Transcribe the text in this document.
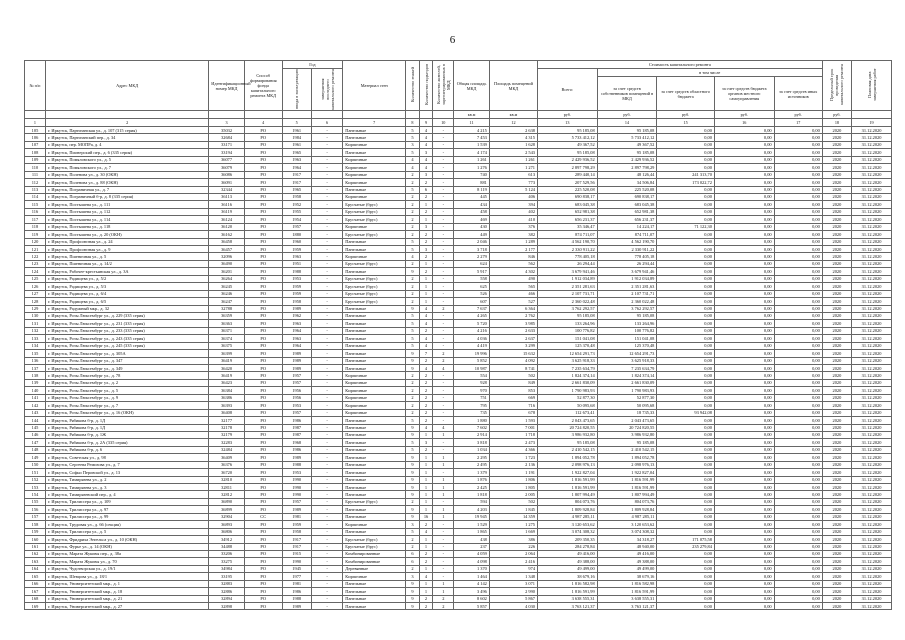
6
№ п/п	Адрес МКД	Идентификационный номер МКД	Способ формирования фонда капитального ремонта МКД	Год		Материал стен	Количество этажей	Количество подъездов	Количество жителей, зарегистрированных в МКД	Общая площадь МКД	Площадь помещений МКД	Стоимость капитального ремонта					Предельный срок проведения капитального ремонта	Плановая дата завершения работ
				ввода в эксплуатацию	завершения последнего капитального ремонта							Всего:	в том числе					
													за счет средств собственников помещений в МКД	за счет средств областного бюджета	за счет средств бюджета органов местного самоуправления	за счет средств иных источников		
										кв.м	кв.м	руб.	руб.	руб.	руб.	руб.	руб.	
1	2	3	4	5	6	7	8	9	10	11	12	13	14	15	16	17	18	19
105	г. Иркутск, Партизанская ул., д. 107 (315 серия)	35032	РО	1961	-	Панельные	5	4	-	4 215	2 638	95 185,08	95 185,08	0,00	0,00	0,00	2020	31.12.2020
106	г. Иркутск, Партизанский пер., д. 34	32684	РО	1984	-	Панельные	5	4	-	7 453	4 315	5 733 412,12	5 733 412,12	0,00	0,00	0,00	2020	31.12.2020
107	г. Иркутск, пер. МОПРа, д. 4	33171	РО	1961	-	Кирпичные	3	4	-	1 539	1 628	49 367,52	49 367,52	0,00	0,00	0,00	2020	31.12.2020
108	г. Иркутск, Пионерский пер., д. 6 (335 серия)	33194	РО	1965	-	Панельные	5	3	-	4 174	2 543	95 185,08	95 185,08	0,00	0,00	0,00	2020	31.12.2020
109	г. Иркутск, Помяловского ул., д. 5	36077	РО	1963	-	Кирпичные	4	4	-	1 261	1 261	2 429 936,52	2 429 936,52	0,00	0,00	0,00	2020	31.12.2020
110	г. Иркутск, Помяловского ул., д. 7	36079	РО	1964	-	Кирпичные	4	4	-	1 276	1 271	2 897 798,29	2 897 798,29	0,00	0,00	0,00	2020	31.12.2020
111	г. Иркутск, Поленова ул., д. 30 (ОКН)	36086	РО	1917	-	Кирпичные	2	3	-	740	613	289 440,14	48 126,44	241 313,70	0,00	0,00	2020	31.12.2020
112	г. Иркутск, Поленова ул., д. 88 (ОКН)	36091	РО	1917	-	Кирпичные	2	2	-	881	773	207 529,56	34 506,84	173 022,72	0,00	0,00	2020	31.12.2020
113	г. Иркутск, Пограничная ул., д. 7	32344	РО	1965	-	Панельные	5	6	-	8 119	5 124	225 520,08	225 520,08	0,00	0,00	0,00	2020	31.12.2020
114	г. Иркутск, Пограничный б-р, д. 8 (335 серия)	36113	РО	1958	-	Кирпичные	2	2	-	445	406	690 838,17	690 838,17	0,00	0,00	0,00	2020	31.12.2020
115	г. Иркутск, Постышева ул., д. 111	36116	РО	1952	-	Брусчатые (брус)	2	1	-	434	394	683 045,38	683 045,38	0,00	0,00	0,00	2020	31.12.2020
116	г. Иркутск, Постышева ул., д. 112	36119	РО	1955	-	Брусчатые (брус)	2	2	-	458	402	652 981,38	652 981,38	0,00	0,00	0,00	2020	31.12.2020
117	г. Иркутск, Постышева ул., д. 114	36124	РО	1954	-	Брусчатые (брус)	2	1	-	469	410	656 231,37	656 231,37	0,00	0,00	0,00	2020	31.12.2020
118	г. Иркутск, Постышева ул., д. 118	36120	РО	1957	-	Кирпичные	2	3	-	430	376	35 346,47	14 224,17	71 122,30	0,00	0,00	2020	31.12.2020
119	г. Иркутск, Постышева ул., д. 20 (ОКН)	36162	РО	1880	-	Брусчатые (брус)	2	2	-	449	382	874 711,07	874 711,07	0,00	0,00	0,00	2020	31.12.2020
120	г. Иркутск, Профсоюзная ул., д. 24	36458	РО	1960	-	Панельные	5	2	-	2 046	1 289	4 562 190,70	4 562 190,70	0,00	0,00	0,00	2020	31.12.2020
121	г. Иркутск, Профсоюзная ул., д. 9	36457	РО	1959	-	Панельные	5	3	-	3 718	2 177	2 330 911,22	2 330 911,22	0,00	0,00	0,00	2020	31.12.2020
122	г. Иркутск, Пшеничная ул., д. 5	32096	РО	1963	-	Кирпичные	4	2	-	2 279	846	778 405,18	778 405,18	0,00	0,00	0,00	2020	31.12.2020
123	г. Иркутск, Пшеничная ул., д. 14/2	36490	РО	1951	-	Брусчатые (брус)	2	1	-	624	562	26 294,44	26 294,44	0,00	0,00	0,00	2020	31.12.2020
124	г. Иркутск, Рабочее-крестьянская ул., д. 3А	36201	РО	1988	-	Панельные	9	2	-	5 917	4 302	3 679 941,46	3 679 941,46	0,00	0,00	0,00	2020	31.12.2020
125	г. Иркутск, Радищева ул., д. 5/2	36264	РО	1953	-	Брусчатые (брус)	2	1	-	558	490	1 912 034,89	1 912 034,89	0,00	0,00	0,00	2020	31.12.2020
126	г. Иркутск, Радищева ул., д. 5/3	36245	РО	1959	-	Брусчатые (брус)	2	1	-	625	565	2 351 281,63	2 351 281,63	0,00	0,00	0,00	2020	31.12.2020
127	г. Иркутск, Радищева ул., д. 6/4	36246	РО	1959	-	Брусчатые (брус)	2	1	-	526	466	2 107 731,71	2 107 731,71	0,00	0,00	0,00	2020	31.12.2020
128	г. Иркутск, Радищева ул., д. 6/5	36247	РО	1958	-	Брусчатые (брус)	2	1	-	607	527	2 360 022,48	2 360 022,48	0,00	0,00	0,00	2020	31.12.2020
129	г. Иркутск, Радужный мкр., д. 32	32788	РО	1989	-	Панельные	9	4	2	7 637	6 364	3 762 292,57	3 762 292,57	0,00	0,00	0,00	2020	31.12.2020
130	г. Иркутск, Розы Люксембург ул., д. 229 (335 серия)	36359	РО	1962	-	Панельные	5	4	-	4 265	2 762	95 185,08	95 185,08	0,00	0,00	0,00	2020	31.12.2020
131	г. Иркутск, Розы Люксембург ул., д. 231 (335 серия)	36363	РО	1963	-	Панельные	5	4	-	5 720	3 985	133 264,96	133 264,96	0,00	0,00	0,00	2020	31.12.2020
132	г. Иркутск, Розы Люксембург ул., д. 233 (335 серия)	36371	РО	1964	-	Панельные	5	2	-	4 216	2 633	100 776,82	100 776,82	0,00	0,00	0,00	2020	31.12.2020
133	г. Иркутск, Розы Люксембург ул., д. 243 (335 серия)	36374	РО	1963	-	Панельные	5	4	-	4 036	2 637	151 041,08	151 041,08	0,00	0,00	0,00	2020	31.12.2020
134	г. Иркутск, Розы Люксембург ул., д. 245 (335 серия)	36375	РО	1964	-	Панельные	5	4	-	4 419	3 299	125 370,48	125 370,48	0,00	0,00	0,00	2020	31.12.2020
135	г. Иркутск, Розы Люксембург ул., д. 305А	36399	РО	1989	-	Панельные	9	7	2	19 996	15 632	12 654 291,73	12 654 291,73	0,00	0,00	0,00	2020	31.12.2020
136	г. Иркутск, Розы Люксембург ул., д. 347	36419	РО	1989	-	Панельные	9	2	2	5 852	4 092	3 625 918,33	3 625 918,33	0,00	0,00	0,00	2020	31.12.2020
137	г. Иркутск, Розы Люксембург ул., д. 349	36420	РО	1989	-	Панельные	9	4	4	10 987	8 741	7 235 634,79	7 235 634,79	0,00	0,00	0,00	2020	31.12.2020
138	г. Иркутск, Розы Люксембург ул., д. 78	36419	РО	1957	-	Кирпичные	2	2	-	554	502	1 824 374,14	1 824 374,14	0,00	0,00	0,00	2020	31.12.2020
139	г. Иркутск, Розы Люксембург ул., д. 2	36423	РО	1957	-	Кирпичные	2	2	-	928	849	2 661 830,09	2 661 830,09	0,00	0,00	0,00	2020	31.12.2020
140	г. Иркутск, Розы Люксембург ул., д. 5	36384	РО	1956	-	Кирпичные	2	2	-	970	853	1 790 983,93	1 790 983,93	0,00	0,00	0,00	2020	31.12.2020
141	г. Иркутск, Розы Люксембург ул., д. 9	36386	РО	1956	-	Кирпичные	2	2	-	751	669	52 877,30	52 877,30	0,00	0,00	0,00	2020	31.12.2020
142	г. Иркутск, Розы Люксембург ул., д. 7	36393	РО	1953	-	Кирпичные	2	2	-	795	716	50 095,68	50 095,68	0,00	0,00	0,00	2020	31.12.2020
143	г. Иркутск, Розы Люксембург ул., д. 16 (ОКН)	36408	РО	1957	-	Кирпичные	2	2	-	735	678	112 673,41	18 735,33	93 942,08	0,00	0,00	2020	31.12.2020
144	г. Иркутск, Рябикова б-р, д. 1Д	32177	РО	1986	-	Панельные	5	2	-	1 880	1 593	2 043 473,65	2 043 473,65	0,00	0,00	0,00	2020	31.12.2020
145	г. Иркутск, Рябикова б-р, д. 1Д	32178	РО	1987	-	Панельные	9	4	4	7 602	7 001	20 724 820,55	20 724 820,55	0,00	0,00	0,00	2020	31.12.2020
146	г. Иркутск, Рябикова б-р, д. 1Ж	32179	РО	1987	-	Панельные	9	1	1	2 914	1 718	3 986 932,80	3 986 932,80	0,00	0,00	0,00	2020	31.12.2020
147	г. Иркутск, Рябикова б-р, д. 2А (335 серия)	32283	РО	1968	-	Панельные	5	3	-	3 818	2 473	95 185,08	95 185,08	0,00	0,00	0,00	2020	31.12.2020
148	г. Иркутск, Рябикова б-р, д. 6	32484	РО	1986	-	Панельные	5	2	-	1 034	4 366	2 410 542,15	2 410 542,15	0,00	0,00	0,00	2020	31.12.2020
149	г. Иркутск, Советская ул., д. 98	36409	РО	1989	-	Панельные	9	1	1	2 295	1 723	1 894 052,78	1 894 052,78	0,00	0,00	0,00	2020	31.12.2020
150	г. Иркутск, Сергеева Ремизова ул., д. 7	36376	РО	1988	-	Панельные	9	1	1	2 495	2 136	2 098 976,13	2 098 976,13	0,00	0,00	0,00	2020	31.12.2020
151	г. Иркутск, Софьи Перовской ул., д. 13	36720	РО	1953	-	Панельные	9	1	-	1 379	1 191	1 922 827,04	1 922 827,04	0,00	0,00	0,00	2020	31.12.2020
152	г. Иркутск, Тимирязева ул., д. 2	32810	РО	1990	-	Панельные	9	1	1	1 876	1 806	1 816 591,99	1 816 591,99	0,00	0,00	0,00	2020	31.12.2020
153	г. Иркутск, Тимирязева ул., д. 3	32811	РО	1990	-	Панельные	9	1	1	2 425	1 805	1 816 591,99	1 816 591,99	0,00	0,00	0,00	2020	31.12.2020
154	г. Иркутск, Тимирязевский пер., д. 4	32812	РО	1990	-	Панельные	9	1	1	1 818	2 005	1 807 994,49	1 807 994,49	0,00	0,00	0,00	2020	31.12.2020
155	г. Иркутск, Трилиссера ул., д. 109	36890	РО	1957	-	Брусчатые (брус)	2	1	-	594	502	804 073,76	804 073,76	0,00	0,00	0,00	2020	31.12.2020
156	г. Иркутск, Трилиссера ул., д. 97	36899	РО	1989	-	Панельные	9	1	1	4 203	1 845	1 809 928,84	1 809 928,84	0,00	0,00	0,00	2020	31.12.2020
157	г. Иркутск, Трилиссера ул., д. 99	32904	СС	1981	-	Панельные	9	16	1	19 945	14 359	4 987 285,11	4 987 285,11	0,00	0,00	0,00	2020	31.12.2020
158	г. Иркутск, Трудовая ул., д. 66 (секция)	36893	РО	1959	-	Кирпичные	3	2	-	1 529	1 275	3 120 653,62	3 120 653,62	0,00	0,00	0,00	2020	31.12.2020
159	г. Иркутск, Трилиссера ул., д. 5	36806	РО	1958	-	Панельные	5	4	-	1 865	1 669	3 074 308,32	3 074 308,32	0,00	0,00	0,00	2020	31.12.2020
160	г. Иркутск, Фридриха Энгельса ул., д. 10 (ОКН)	34912	РО	1917	-	Брусчатые (брус)	2	1	-	438	386	209 350,35	34 318,27	171 075,58	0,00	0,00	2020	31.12.2020
161	г. Иркутск, Фурье ул., д. 14 (ОКН)	34488	РО	1917	-	Брусчатые (брус)	2	1	-	237	226	284 278,84	48 940,00	235 279,84	0,00	0,00	2020	31.12.2020
162	г. Иркутск, Марата Жуковы пер., д. 38а	33206	РО	1915	-	Комбинированные	6	2	-	4 059	2 064	49 416,00	49 416,00	0,00	0,00	0,00	2020	31.12.2020
163	г. Иркутск, Марата Жуковы ул., д. 70	33275	РО	1990	-	Комбинированные	6	2	-	4 098	2 416	49 388,00	49 388,00	0,00	0,00	0,00	2020	31.12.2020
164	г. Иркутск, Чудотворская ул., д. 19/1	34984	РО	1945	-	Деревянные	2	1	-	1 370	974	49 499,00	49 499,00	0,00	0,00	0,00	2020	31.12.2020
165	г. Иркутск, Шевцова ул., д. 18/1	33195	РО	1977	-	Кирпичные	3	4	-	1 464	1 348	38 679,16	38 679,16	0,00	0,00	0,00	2020	31.12.2020
166	г. Иркутск, Университетский мкр., д. 1	32883	РО	1981	-	Панельные	9	1	1	4 142	3 071	1 816 582,98	1 816 582,98	0,00	0,00	0,00	2020	31.12.2020
167	г. Иркутск, Университетский мкр., д. 18	32886	РО	1986	-	Панельные	9	1	1	3 496	2 990	1 816 591,99	1 816 591,99	0,00	0,00	0,00	2020	31.12.2020
168	г. Иркутск, Университетский мкр., д. 21	32894	РО	1988	-	Панельные	9	2	2	8 602	5 867	3 638 555,31	3 638 555,31	0,00	0,00	0,00	2020	31.12.2020
169	г. Иркутск, Университетский мкр., д. 27	32898	РО	1989	-	Панельные	9	2	2	5 857	4 030	3 763 121,37	3 763 121,37	0,00	0,00	0,00	2020	31.12.2020
